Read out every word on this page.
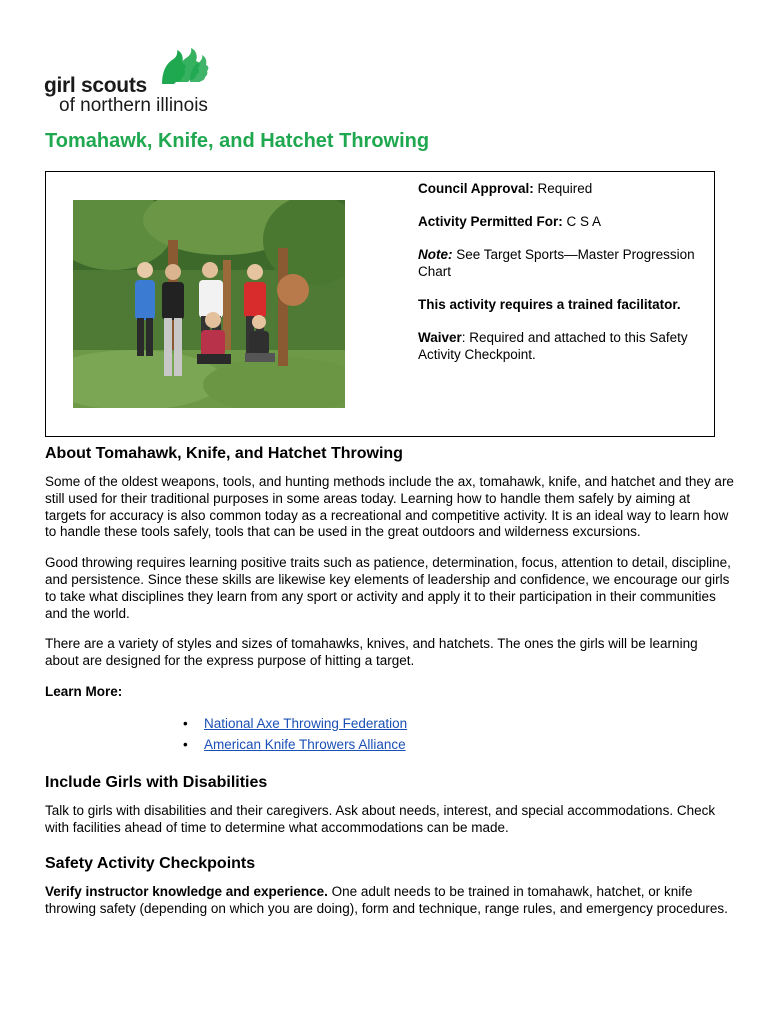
girl scouts
of northern illinois
Tomahawk, Knife, and Hatchet Throwing

Council Approval: Required

Activity Permitted For: C S A

Note: See Target Sports—Master Progression Chart

This activity requires a trained facilitator.

Waiver: Required and attached to this Safety Activity Checkpoint.

About Tomahawk, Knife, and Hatchet Throwing

Some of the oldest weapons, tools, and hunting methods include the ax, tomahawk, knife, and hatchet and they are still used for their traditional purposes in some areas today. Learning how to handle them safely by aiming at targets for accuracy is also common today as a recreational and competitive activity. It is an ideal way to learn how to handle these tools safely, tools that can be used in the great outdoors and wilderness excursions.

Good throwing requires learning positive traits such as patience, determination, focus, attention to detail, discipline, and persistence. Since these skills are likewise key elements of leadership and confidence, we encourage our girls to take what disciplines they learn from any sport or activity and apply it to their participation in their communities and the world.

There are a variety of styles and sizes of tomahawks, knives, and hatchets. The ones the girls will be learning about are designed for the express purpose of hitting a target.

Learn More:

• National Axe Throwing Federation
• American Knife Throwers Alliance
Include Girls with Disabilities

Talk to girls with disabilities and their caregivers. Ask about needs, interest, and special accommodations. Check with facilities ahead of time to determine what accommodations can be made.

Safety Activity Checkpoints

Verify instructor knowledge and experience. One adult needs to be trained in tomahawk, hatchet, or knife throwing safety (depending on which you are doing), form and technique, range rules, and emergency procedures.
